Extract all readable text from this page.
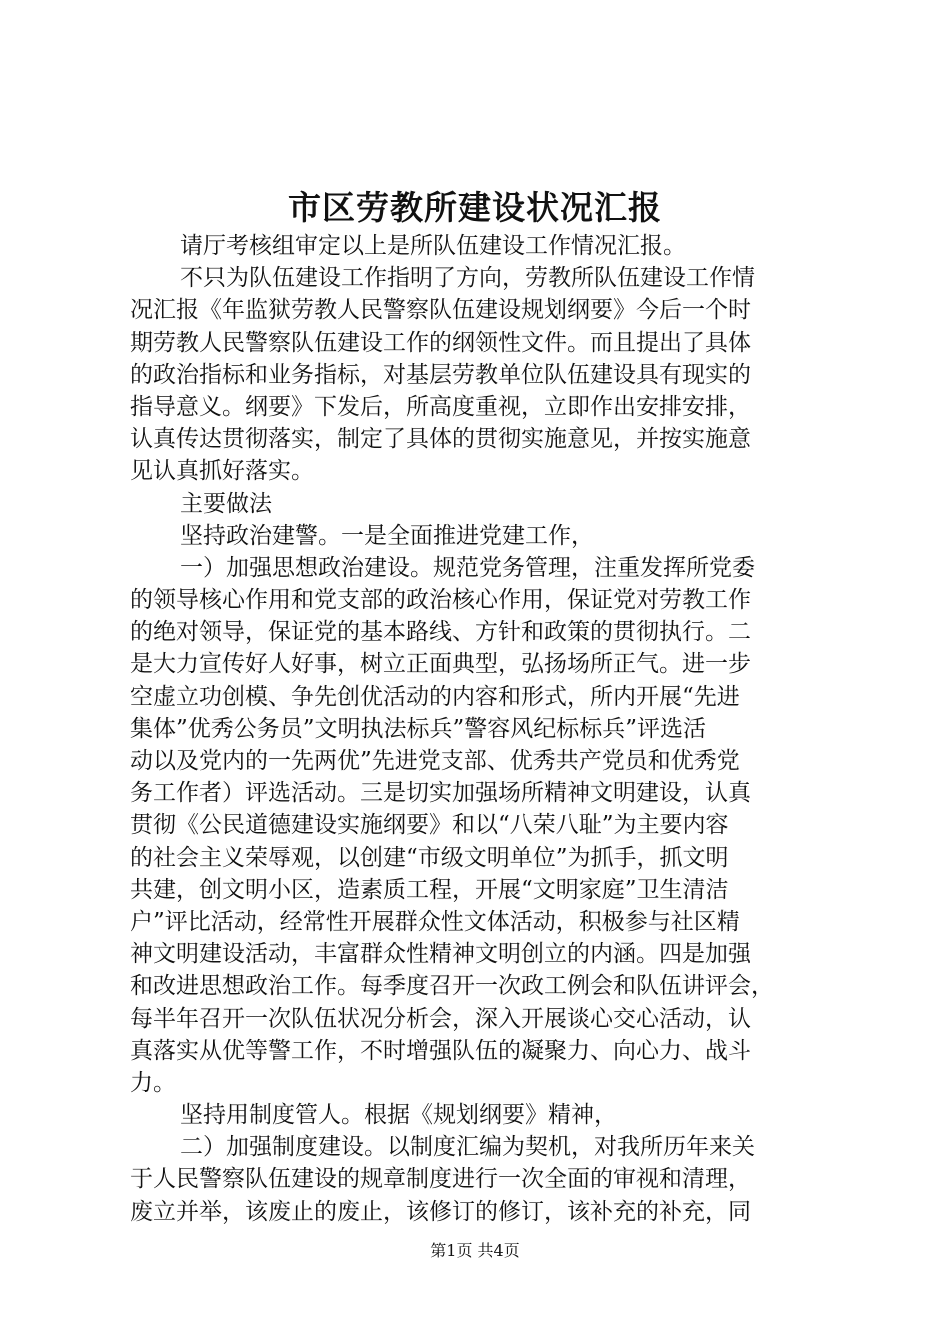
市区劳教所建设状况汇报
请厅考核组审定以上是所队伍建设工作情况汇报。
不只为队伍建设工作指明了方向，劳教所队伍建设工作情
况汇报《年监狱劳教人民警察队伍建设规划纲要》今后一个时
期劳教人民警察队伍建设工作的纲领性文件。而且提出了具体
的政治指标和业务指标，对基层劳教单位队伍建设具有现实的
指导意义。纲要》下发后，所高度重视，立即作出安排安排，
认真传达贯彻落实，制定了具体的贯彻实施意见，并按实施意
见认真抓好落实。
主要做法
坚持政治建警。一是全面推进党建工作，
一）加强思想政治建设。规范党务管理，注重发挥所党委
的领导核心作用和党支部的政治核心作用，保证党对劳教工作
的绝对领导，保证党的基本路线、方针和政策的贯彻执行。二
是大力宣传好人好事，树立正面典型，弘扬场所正气。进一步
空虚立功创模、争先创优活动的内容和形式，所内开展“先进
集体”优秀公务员”文明执法标兵”警容风纪标标兵”评选活
动以及党内的一先两优”先进党支部、优秀共产党员和优秀党
务工作者）评选活动。三是切实加强场所精神文明建设，认真
贯彻《公民道德建设实施纲要》和以“八荣八耻”为主要内容
的社会主义荣辱观，以创建“市级文明单位”为抓手，抓文明
共建，创文明小区，造素质工程，开展“文明家庭”卫生清洁
户”评比活动，经常性开展群众性文体活动，积极参与社区精
神文明建设活动，丰富群众性精神文明创立的内涵。四是加强
和改进思想政治工作。每季度召开一次政工例会和队伍讲评会，
每半年召开一次队伍状况分析会，深入开展谈心交心活动，认
真落实从优等警工作，不时增强队伍的凝聚力、向心力、战斗
力。
坚持用制度管人。根据《规划纲要》精神，
二）加强制度建设。以制度汇编为契机，对我所历年来关
于人民警察队伍建设的规章制度进行一次全面的审视和清理，
废立并举，该废止的废止，该修订的修订，该补充的补充，同
第1页 共4页
